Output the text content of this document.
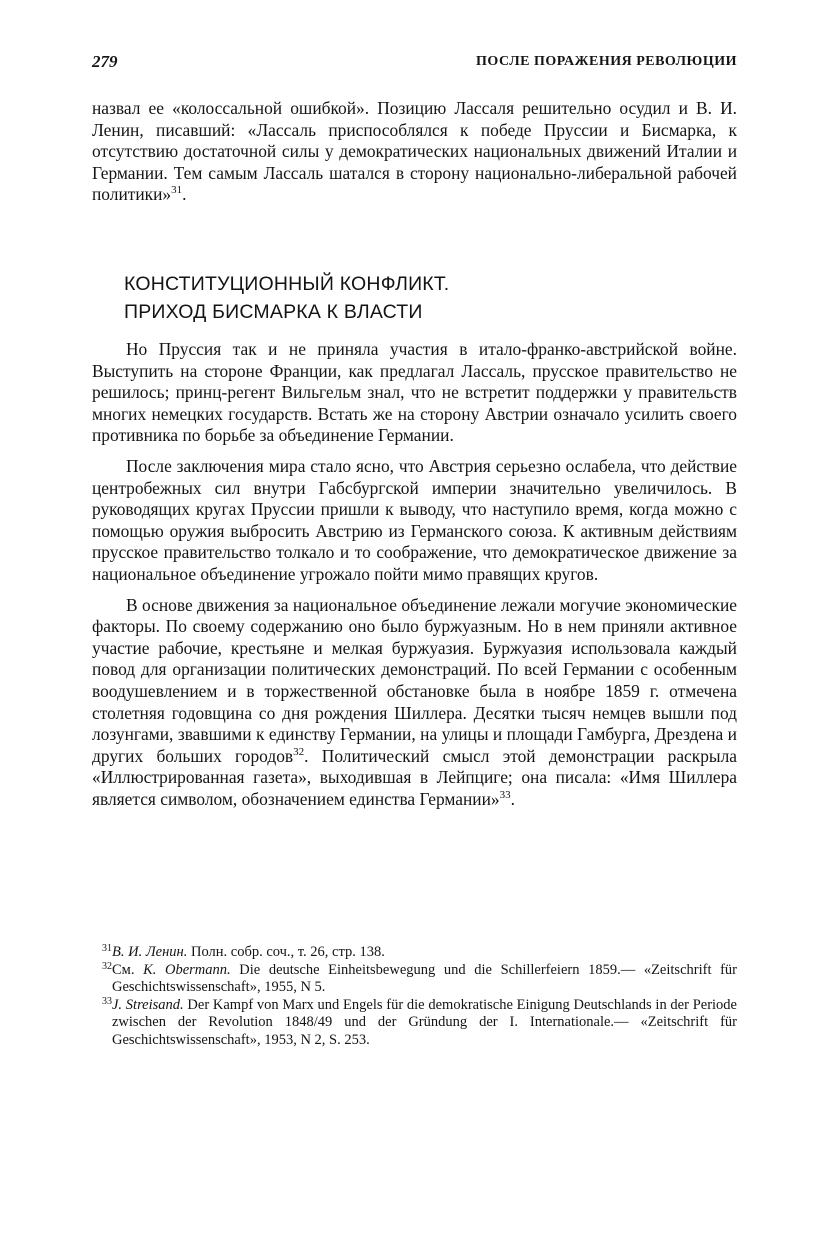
279	ПОСЛЕ ПОРАЖЕНИЯ РЕВОЛЮЦИИ

назвал ее «колоссальной ошибкой». Позицию Лассаля решительно осудил и В. И. Ленин, писавший: «Лассаль приспособлялся к победе Пруссии и Бисмарка, к отсутствию достаточной силы у демократических национальных движений Италии и Германии. Тем самым Лассаль шатался в сторону национально-либеральной рабочей политики»$^{31}$.

КОНСТИТУЦИОННЫЙ КОНФЛИКТ.
ПРИХОД БИСМАРКА К ВЛАСТИ

Но Пруссия так и не приняла участия в итало-франко-австрийской войне. Выступить на стороне Франции, как предлагал Лассаль, прусское правительство не решилось; принц-регент Вильгельм знал, что не встретит поддержки у правительств многих немецких государств. Встать же на сторону Австрии означало усилить своего противника по борьбе за объединение Германии.

После заключения мира стало ясно, что Австрия серьезно ослабела, что действие центробежных сил внутри Габсбургской империи значительно увеличилось. В руководящих кругах Пруссии пришли к выводу, что наступило время, когда можно с помощью оружия выбросить Австрию из Германского союза. К активным действиям прусское правительство толкало и то соображение, что демократическое движение за национальное объединение угрожало пойти мимо правящих кругов.

В основе движения за национальное объединение лежали могучие экономические факторы. По своему содержанию оно было буржуазным. Но в нем приняли активное участие рабочие, крестьяне и мелкая буржуазия. Буржуазия использовала каждый повод для организации политических демонстраций. По всей Германии с особенным воодушевлением и в торжественной обстановке была в ноябре 1859 г. отмечена столетняя годовщина со дня рождения Шиллера. Десятки тысяч немцев вышли под лозунгами, звавшими к единству Германии, на улицы и площади Гамбурга, Дрездена и других больших городов$^{32}$. Политический смысл этой демонстрации раскрыла «Иллюстрированная газета», выходившая в Лейпциге; она писала: «Имя Шиллера является символом, обозначением единства Германии»$^{33}$.

31 В. И. Ленин. Полн. собр. соч., т. 26, стр. 138.
32 См. K. Obermann. Die deutsche Einheitsbewegung und die Schillerfeiern 1859.— «Zeitschrift für Geschichtswissenschaft», 1955, N 5.
33 J. Streisand. Der Kampf von Marx und Engels für die demokratische Einigung Deutschlands in der Periode zwischen der Revolution 1848/49 und der Gründung der I. Internationale.— «Zeitschrift für Geschichtswissenschaft», 1953, N 2, S. 253.
